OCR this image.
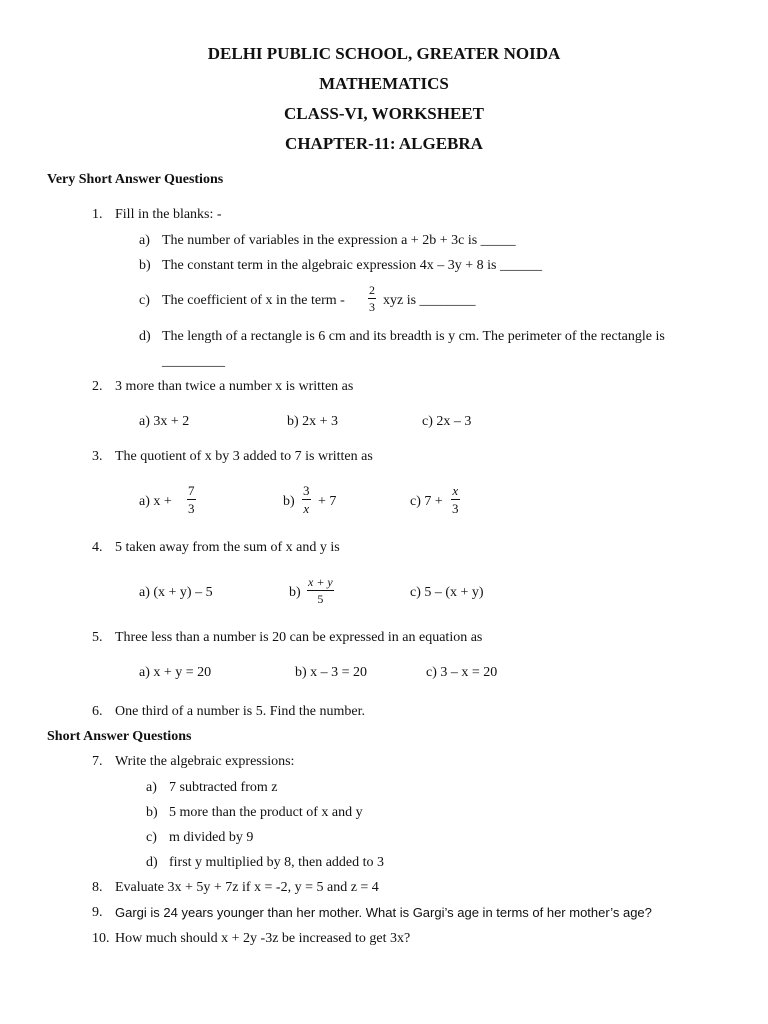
DELHI PUBLIC SCHOOL, GREATER NOIDA
MATHEMATICS
CLASS-VI, WORKSHEET
CHAPTER-11: ALGEBRA
Very Short Answer Questions
1. Fill in the blanks: -
a) The number of variables in the expression a + 2b + 3c is _____
b) The constant term in the algebraic expression 4x – 3y + 8 is ______
c) The coefficient of x in the term -
2
3 xyz is ________
d) The length of a rectangle is 6 cm and its breadth is y cm. The perimeter of the rectangle is
_________
2. 3 more than twice a number x is written as
a) 3x + 2	b) 2x + 3	c) 2x – 3
3. The quotient of x by 3 added to 7 is written as
a) x +
7
3	b)
3
x + 7	c) 7 +
x
3
4. 5 taken away from the sum of x and y is
a) (x + y) – 5	b)
x + y
5	c) 5 – (x + y)
5. Three less than a number is 20 can be expressed in an equation as
a) x + y = 20	b) x – 3 = 20	c) 3 – x = 20
6. One third of a number is 5. Find the number.
Short Answer Questions
7. Write the algebraic expressions:
a) 7 subtracted from z
b) 5 more than the product of x and y
c) m divided by 9
d) first y multiplied by 8, then added to 3
8. Evaluate 3x + 5y + 7z if x = -2, y = 5 and z = 4
9. Gargi is 24 years younger than her mother. What is Gargi’s age in terms of her mother’s age?
10. How much should x + 2y -3z be increased to get 3x?
